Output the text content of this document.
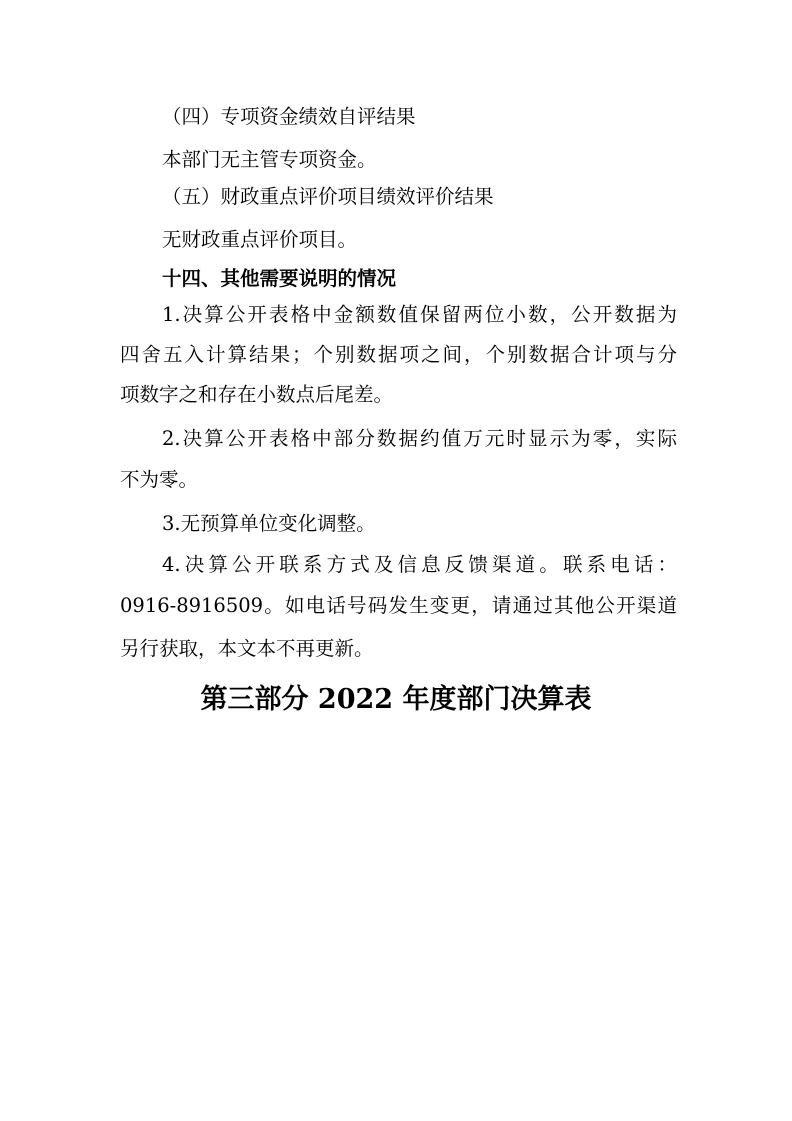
（四）专项资金绩效自评结果
本部门无主管专项资金。
（五）财政重点评价项目绩效评价结果
无财政重点评价项目。
十四、其他需要说明的情况
1.决算公开表格中金额数值保留两位小数，公开数据为
四舍五入计算结果；个别数据项之间，个别数据合计项与分
项数字之和存在小数点后尾差。
2.决算公开表格中部分数据约值万元时显示为零，实际
不为零。
3.无预算单位变化调整。
4.决算公开联系方式及信息反馈渠道。联系电话：
0916-8916509。如电话号码发生变更，请通过其他公开渠道
另行获取，本文本不再更新。
第三部分 2022 年度部门决算表
